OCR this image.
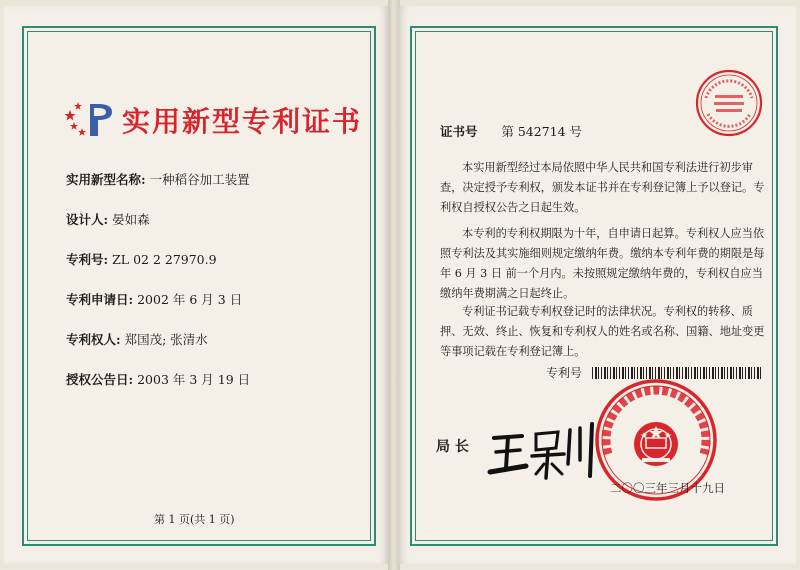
实用新型专利证书
实用新型名称: 一种稻谷加工装置
设计人: 晏如森
专利号: ZL 02 2 27970.9
专利申请日: 2002 年 6 月 3 日
专利权人: 郑国茂; 张清水
授权公告日: 2003 年 3 月 19 日
第 1 页(共 1 页)
证书号 第 542714 号
本实用新型经过本局依照中华人民共和国专利法进行初步审查，决定授予专利权，颁发本证书并在专利登记簿上予以登记。专利权自授权公告之日起生效。
本专利的专利权期限为十年，自申请日起算。专利权人应当依照专利法及其实施细则规定缴纳年费。缴纳本专利年费的期限是每年 6 月 3 日 前一个月内。未按照规定缴纳年费的，专利权自应当缴纳年费期满之日起终止。
专利证书记载专利权登记时的法律状况。专利权的转移、质押、无效、终止、恢复和专利权人的姓名或名称、国籍、地址变更等事项记载在专利登记簿上。
专利号
局 长
二〇〇三年三月十九日
